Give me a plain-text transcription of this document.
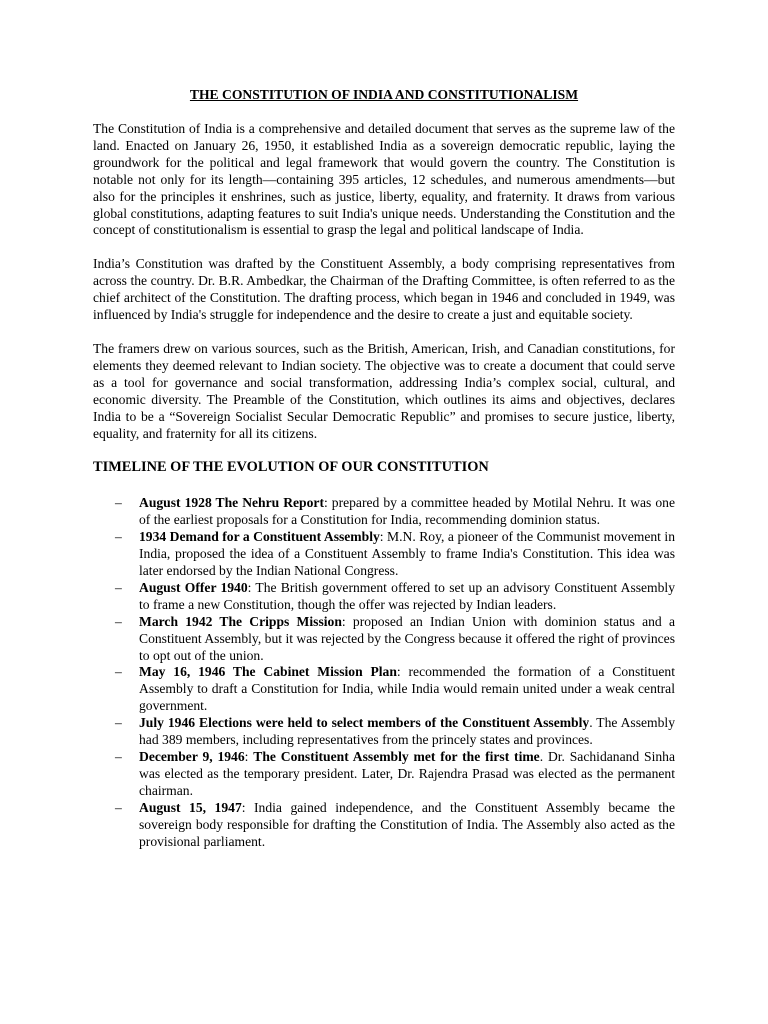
THE CONSTITUTION OF INDIA AND CONSTITUTIONALISM

The Constitution of India is a comprehensive and detailed document that serves as the supreme law of the land. Enacted on January 26, 1950, it established India as a sovereign democratic republic, laying the groundwork for the political and legal framework that would govern the country. The Constitution is notable not only for its length—containing 395 articles, 12 schedules, and numerous amendments—but also for the principles it enshrines, such as justice, liberty, equality, and fraternity. It draws from various global constitutions, adapting features to suit India's unique needs. Understanding the Constitution and the concept of constitutionalism is essential to grasp the legal and political landscape of India.

India’s Constitution was drafted by the Constituent Assembly, a body comprising representatives from across the country. Dr. B.R. Ambedkar, the Chairman of the Drafting Committee, is often referred to as the chief architect of the Constitution. The drafting process, which began in 1946 and concluded in 1949, was influenced by India's struggle for independence and the desire to create a just and equitable society.

The framers drew on various sources, such as the British, American, Irish, and Canadian constitutions, for elements they deemed relevant to Indian society. The objective was to create a document that could serve as a tool for governance and social transformation, addressing India’s complex social, cultural, and economic diversity. The Preamble of the Constitution, which outlines its aims and objectives, declares India to be a “Sovereign Socialist Secular Democratic Republic” and promises to secure justice, liberty, equality, and fraternity for all its citizens.

TIMELINE OF THE EVOLUTION OF OUR CONSTITUTION
– August 1928 The Nehru Report: prepared by a committee headed by Motilal Nehru. It was one of the earliest proposals for a Constitution for India, recommending dominion status.
– 1934 Demand for a Constituent Assembly: M.N. Roy, a pioneer of the Communist movement in India, proposed the idea of a Constituent Assembly to frame India's Constitution. This idea was later endorsed by the Indian National Congress.
– August Offer 1940: The British government offered to set up an advisory Constituent Assembly to frame a new Constitution, though the offer was rejected by Indian leaders.
– March 1942 The Cripps Mission: proposed an Indian Union with dominion status and a Constituent Assembly, but it was rejected by the Congress because it offered the right of provinces to opt out of the union.
– May 16, 1946 The Cabinet Mission Plan: recommended the formation of a Constituent Assembly to draft a Constitution for India, while India would remain united under a weak central government.
– July 1946 Elections were held to select members of the Constituent Assembly. The Assembly had 389 members, including representatives from the princely states and provinces.
– December 9, 1946: The Constituent Assembly met for the first time. Dr. Sachidanand Sinha was elected as the temporary president. Later, Dr. Rajendra Prasad was elected as the permanent chairman.
– August 15, 1947: India gained independence, and the Constituent Assembly became the sovereign body responsible for drafting the Constitution of India. The Assembly also acted as the provisional parliament.
